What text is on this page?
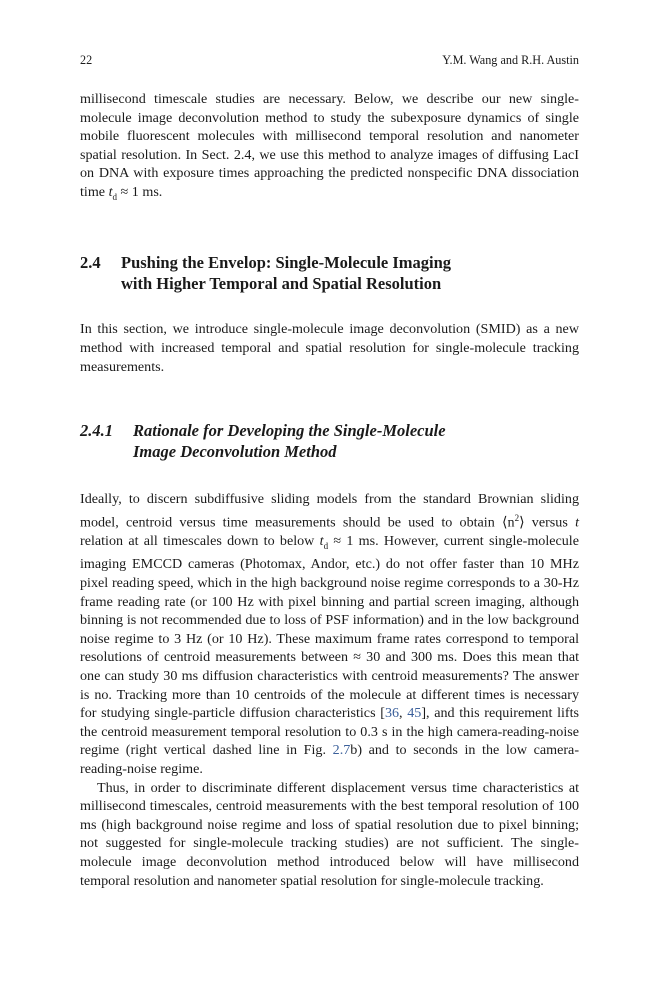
22	Y.M. Wang and R.H. Austin

millisecond timescale studies are necessary. Below, we describe our new single-molecule image deconvolution method to study the subexposure dynamics of single mobile fluorescent molecules with millisecond temporal resolution and nanometer spatial resolution. In Sect. 2.4, we use this method to analyze images of diffusing LacI on DNA with exposure times approaching the predicted nonspecific DNA dissociation time $t_d \approx 1$ ms.

2.4	Pushing the Envelop: Single-Molecule Imaging
with Higher Temporal and Spatial Resolution

In this section, we introduce single-molecule image deconvolution (SMID) as a new method with increased temporal and spatial resolution for single-molecule tracking measurements.

2.4.1	Rationale for Developing the Single-Molecule
Image Deconvolution Method

Ideally, to discern subdiffusive sliding models from the standard Brownian sliding model, centroid versus time measurements should be used to obtain $⟨n^2⟩$ versus t relation at all timescales down to below $t_d \approx 1$ ms. However, current single-molecule imaging EMCCD cameras (Photomax, Andor, etc.) do not offer faster than 10 MHz pixel reading speed, which in the high background noise regime corresponds to a 30-Hz frame reading rate (or 100 Hz with pixel binning and partial screen imaging, although binning is not recommended due to loss of PSF information) and in the low background noise regime to 3 Hz (or 10 Hz). These maximum frame rates correspond to temporal resolutions of centroid measurements between ≈ 30 and 300 ms. Does this mean that one can study 30 ms diffusion characteristics with centroid measurements? The answer is no. Tracking more than 10 centroids of the molecule at different times is necessary for studying single-particle diffusion characteristics [36, 45], and this requirement lifts the centroid measurement temporal resolution to 0.3 s in the high camera-reading-noise regime (right vertical dashed line in Fig. 2.7b) and to seconds in the low camera-reading-noise regime.

Thus, in order to discriminate different displacement versus time characteristics at millisecond timescales, centroid measurements with the best temporal resolution of 100 ms (high background noise regime and loss of spatial resolution due to pixel binning; not suggested for single-molecule tracking studies) are not sufficient. The single-molecule image deconvolution method introduced below will have millisecond temporal resolution and nanometer spatial resolution for single-molecule tracking.
